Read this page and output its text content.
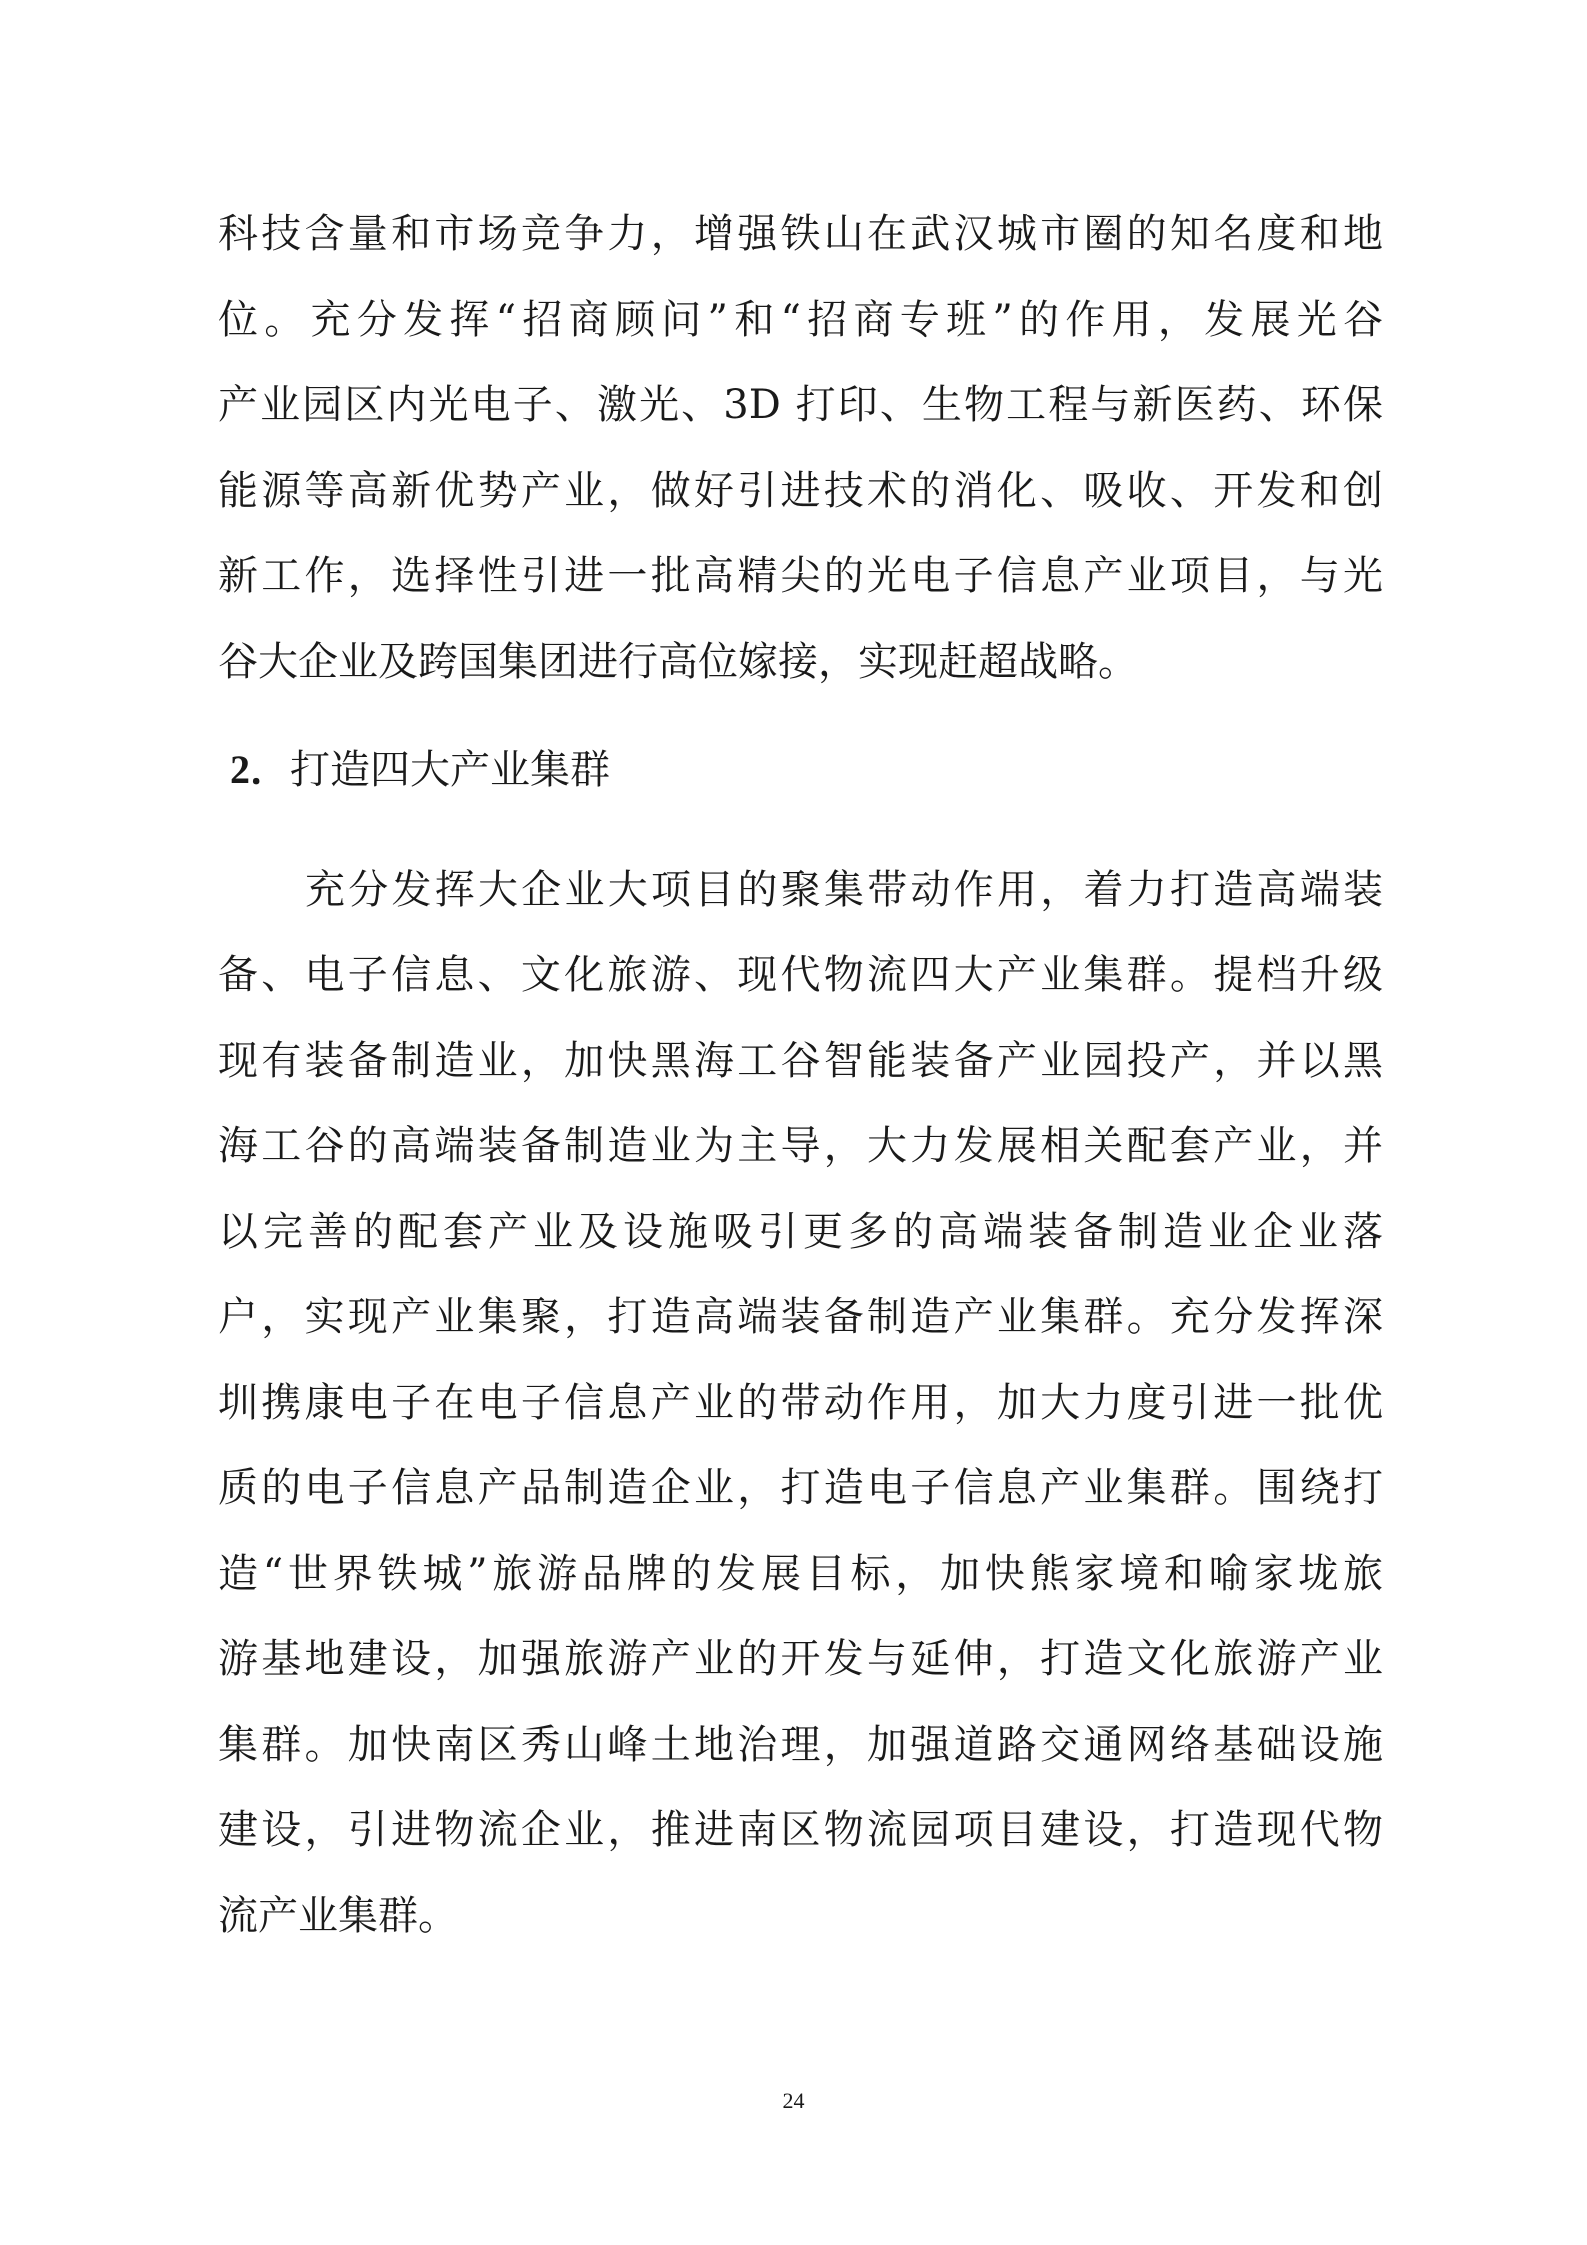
科技含量和市场竞争力，增强铁山在武汉城市圈的知名度和地
位。充分发挥“招商顾问”和“招商专班”的作用，发展光谷
产业园区内光电子、激光、3D 打印、生物工程与新医药、环保
能源等高新优势产业，做好引进技术的消化、吸收、开发和创
新工作，选择性引进一批高精尖的光电子信息产业项目，与光
谷大企业及跨国集团进行高位嫁接，实现赶超战略。
2．打造四大产业集群
充分发挥大企业大项目的聚集带动作用，着力打造高端装
备、电子信息、文化旅游、现代物流四大产业集群。提档升级
现有装备制造业，加快黑海工谷智能装备产业园投产，并以黑
海工谷的高端装备制造业为主导，大力发展相关配套产业，并
以完善的配套产业及设施吸引更多的高端装备制造业企业落
户，实现产业集聚，打造高端装备制造产业集群。充分发挥深
圳携康电子在电子信息产业的带动作用，加大力度引进一批优
质的电子信息产品制造企业，打造电子信息产业集群。围绕打
造“世界铁城”旅游品牌的发展目标，加快熊家境和喻家垅旅
游基地建设，加强旅游产业的开发与延伸，打造文化旅游产业
集群。加快南区秀山峰土地治理，加强道路交通网络基础设施
建设，引进物流企业，推进南区物流园项目建设，打造现代物
流产业集群。
24
